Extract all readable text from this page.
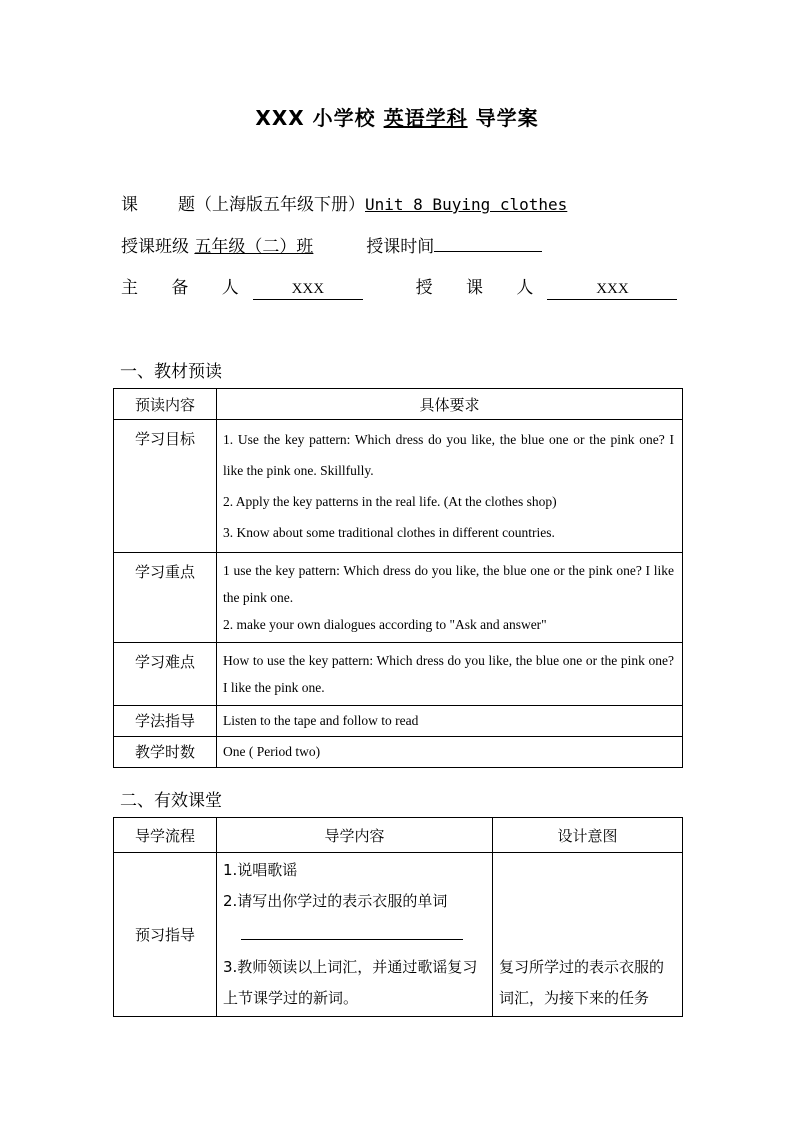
XXX 小学校 英语学科 导学案
课 题（上海版五年级下册）Unit 8 Buying clothes
授课班级 五年级（二）班	授课时间
主 备 人	XXX	授 课 人	XXX
一、教材预读
预读内容	具体要求
学习目标	1. Use the key pattern: Which dress do you like, the blue one or the pink one? I like the pink one. Skillfully.

2. Apply the key patterns in the real life. (At the clothes shop)

3. Know about some traditional clothes in different countries.

学习重点	1 use the key pattern: Which dress do you like, the blue one or the pink one? I like the pink one.

2. make your own dialogues according to "Ask and answer"

学习难点	How to use the key pattern: Which dress do you like, the blue one or the pink one? I like the pink one.

学法指导	Listen to the tape and follow to read

教学时数	One ( Period two)

二、有效课堂
导学流程	导学内容	设计意图
预习指导	1.说唱歌谣

2.请写出你学过的表示衣服的单词

3.教师领读以上词汇，并通过歌谣复习上节课学过的新词。	复习所学过的表示衣服的词汇，为接下来的任务
